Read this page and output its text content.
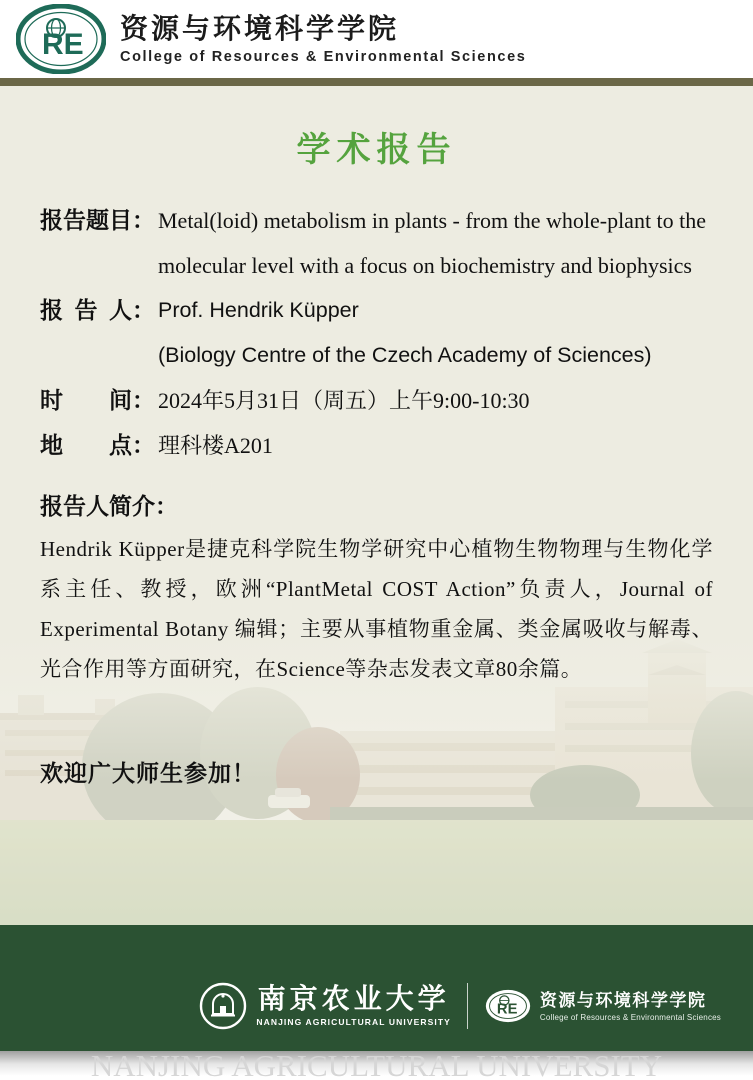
RE 资源与环境科学学院
College of Resources & Environmental Sciences
学术报告
报告题目： Metal(loid) metabolism in plants - from the whole-plant to the
molecular level with a focus on biochemistry and biophysics
报 告 人： Prof. Hendrik Küpper
(Biology Centre of the Czech Academy of Sciences)
时　　间： 2024年5月31日（周五）上午9:00-10:30
地　　点： 理科楼A201
报告人简介：
Hendrik Küpper是捷克科学院生物学研究中心植物生物物理与生物化学系主任、教授，欧洲“PlantMetal COST Action”负责人，Journal of Experimental Botany 编辑；主要从事植物重金属、类金属吸收与解毒、光合作用等方面研究，在Science等杂志发表文章80余篇。
欢迎广大师生参加！
南京农业大学
NANJING AGRICULTURAL UNIVERSITY
RE 资源与环境科学学院
College of Resources & Environmental Sciences
NANJING AGRICULTURAL UNIVERSITY
